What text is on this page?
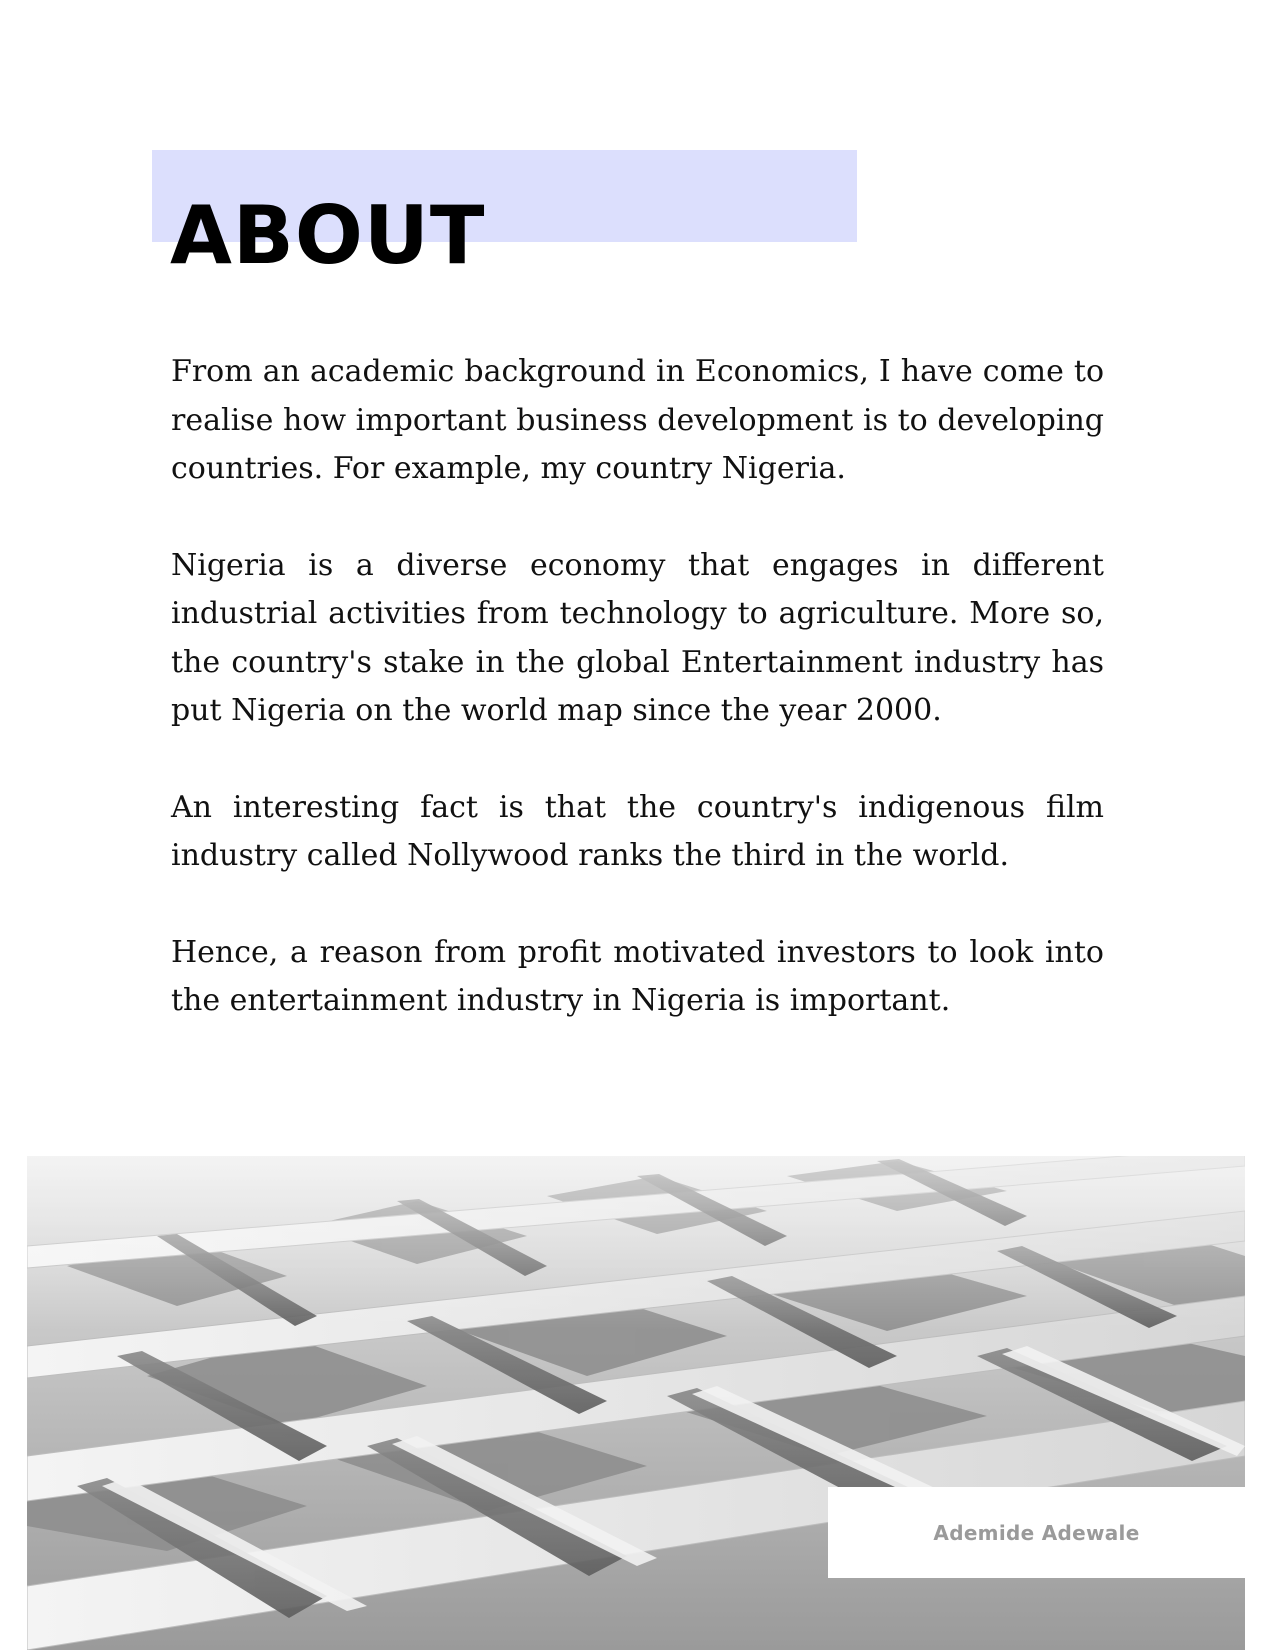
ABOUT

From an academic background in Economics, I have come to realise how important business development is to developing countries. For example, my country Nigeria.

Nigeria is a diverse economy that engages in different industrial activities from technology to agriculture. More so, the country's stake in the global Entertainment industry has put Nigeria on the world map since the year 2000.

An interesting fact is that the country's indigenous film industry called Nollywood ranks the third in the world.

Hence, a reason from profit motivated investors to look into the entertainment industry in Nigeria is important.

Ademide Adewale
